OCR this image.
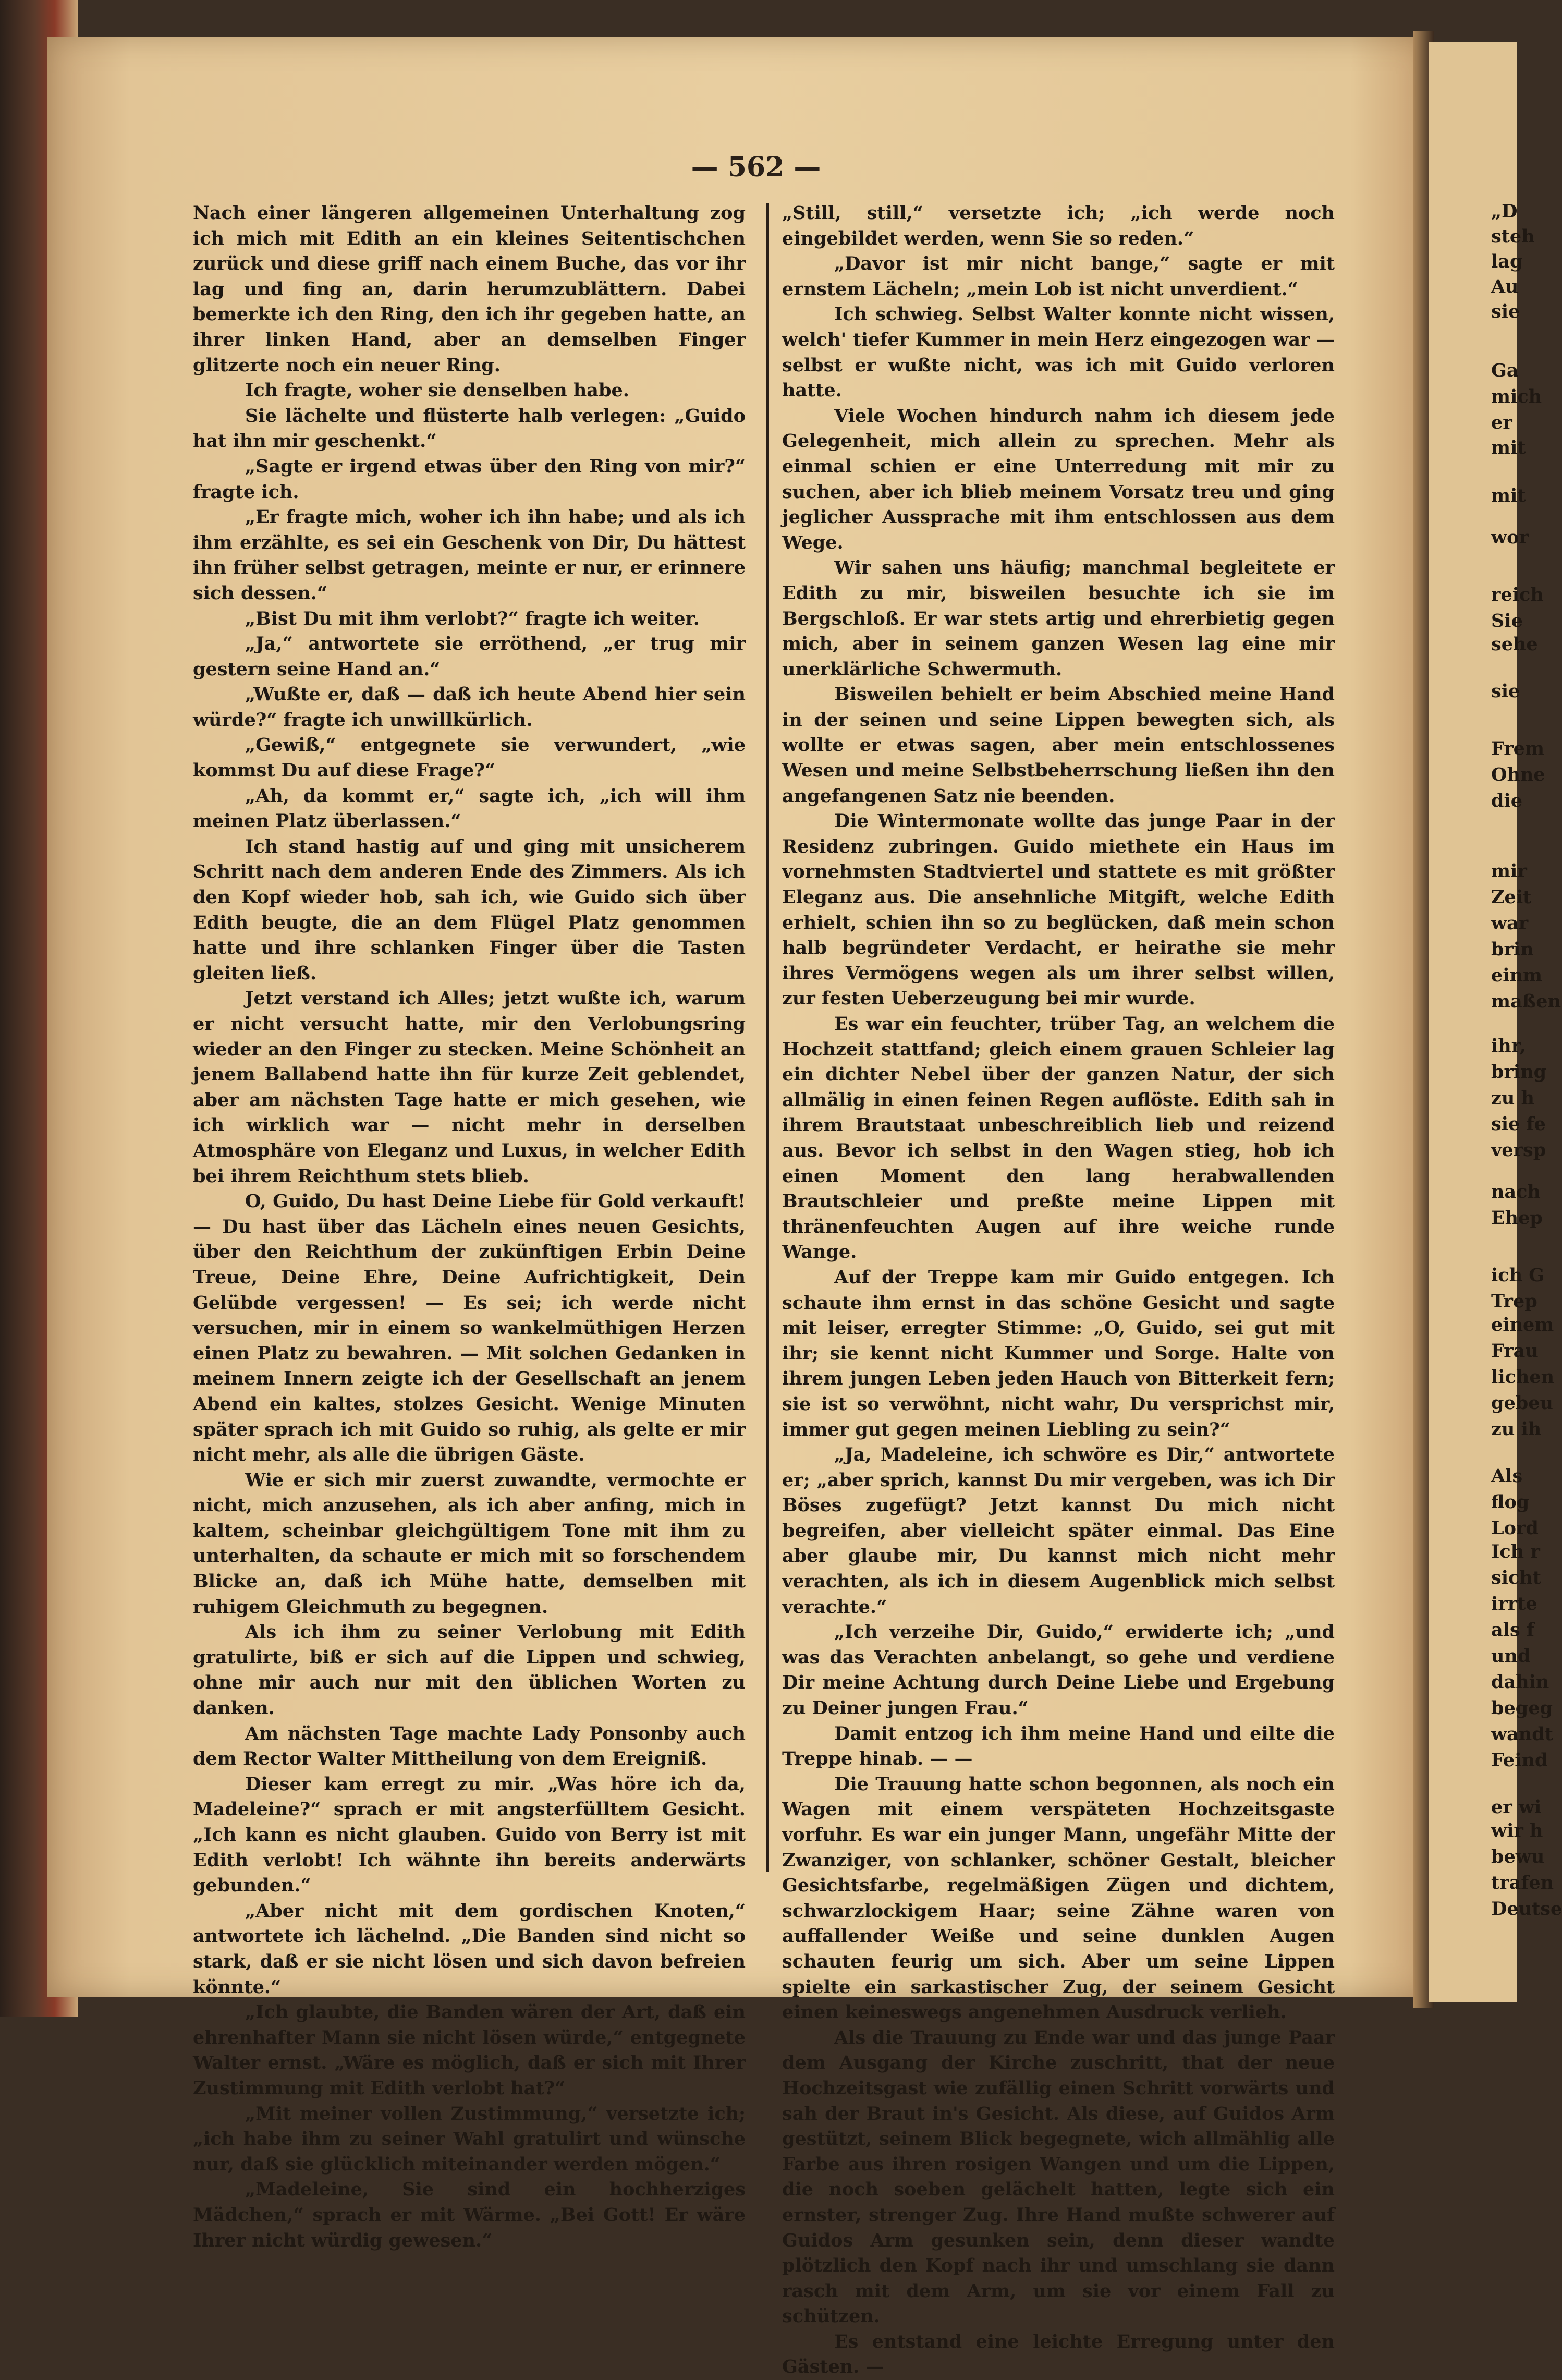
— 562 —

Nach einer längeren allgemeinen Unterhaltung zog ich mich mit Edith an ein kleines Seitentischchen zurück und diese griff nach einem Buche, das vor ihr lag und fing an, darin herumzublättern. Dabei bemerkte ich den Ring, den ich ihr gegeben hatte, an ihrer linken Hand, aber an demselben Finger glitzerte noch ein neuer Ring.

Ich fragte, woher sie denselben habe.

Sie lächelte und flüsterte halb verlegen: „Guido hat ihn mir geschenkt.“

„Sagte er irgend etwas über den Ring von mir?“ fragte ich.

„Er fragte mich, woher ich ihn habe; und als ich ihm erzählte, es sei ein Geschenk von Dir, Du hättest ihn früher selbst getragen, meinte er nur, er erinnere sich dessen.“

„Bist Du mit ihm verlobt?“ fragte ich weiter.

„Ja,“ antwortete sie erröthend, „er trug mir gestern seine Hand an.“

„Wußte er, daß — daß ich heute Abend hier sein würde?“ fragte ich unwillkürlich.

„Gewiß,“ entgegnete sie verwundert, „wie kommst Du auf diese Frage?“

„Ah, da kommt er,“ sagte ich, „ich will ihm meinen Platz überlassen.“

Ich stand hastig auf und ging mit unsicherem Schritt nach dem anderen Ende des Zimmers. Als ich den Kopf wieder hob, sah ich, wie Guido sich über Edith beugte, die an dem Flügel Platz genommen hatte und ihre schlanken Finger über die Tasten gleiten ließ.

Jetzt verstand ich Alles; jetzt wußte ich, warum er nicht versucht hatte, mir den Verlobungsring wieder an den Finger zu stecken. Meine Schönheit an jenem Ballabend hatte ihn für kurze Zeit geblendet, aber am nächsten Tage hatte er mich gesehen, wie ich wirklich war — nicht mehr in derselben Atmosphäre von Eleganz und Luxus, in welcher Edith bei ihrem Reichthum stets blieb.

O, Guido, Du hast Deine Liebe für Gold verkauft! — Du hast über das Lächeln eines neuen Gesichts, über den Reichthum der zukünftigen Erbin Deine Treue, Deine Ehre, Deine Aufrichtigkeit, Dein Gelübde vergessen! — Es sei; ich werde nicht versuchen, mir in einem so wankelmüthigen Herzen einen Platz zu bewahren. — Mit solchen Gedanken in meinem Innern zeigte ich der Gesellschaft an jenem Abend ein kaltes, stolzes Gesicht. Wenige Minuten später sprach ich mit Guido so ruhig, als gelte er mir nicht mehr, als alle die übrigen Gäste.

Wie er sich mir zuerst zuwandte, vermochte er nicht, mich anzusehen, als ich aber anfing, mich in kaltem, scheinbar gleichgültigem Tone mit ihm zu unterhalten, da schaute er mich mit so forschendem Blicke an, daß ich Mühe hatte, demselben mit ruhigem Gleichmuth zu begegnen.

Als ich ihm zu seiner Verlobung mit Edith gratulirte, biß er sich auf die Lippen und schwieg, ohne mir auch nur mit den üblichen Worten zu danken.

Am nächsten Tage machte Lady Ponsonby auch dem Rector Walter Mittheilung von dem Ereigniß.

Dieser kam erregt zu mir. „Was höre ich da, Madeleine?“ sprach er mit angsterfülltem Gesicht. „Ich kann es nicht glauben. Guido von Berry ist mit Edith verlobt! Ich wähnte ihn bereits anderwärts gebunden.“

„Aber nicht mit dem gordischen Knoten,“ antwortete ich lächelnd. „Die Banden sind nicht so stark, daß er sie nicht lösen und sich davon befreien könnte.“

„Ich glaubte, die Banden wären der Art, daß ein ehrenhafter Mann sie nicht lösen würde,“ entgegnete Walter ernst. „Wäre es möglich, daß er sich mit Ihrer Zustimmung mit Edith verlobt hat?“

„Mit meiner vollen Zustimmung,“ versetzte ich; „ich habe ihm zu seiner Wahl gratulirt und wünsche nur, daß sie glücklich miteinander werden mögen.“

„Madeleine, Sie sind ein hochherziges Mädchen,“ sprach er mit Wärme. „Bei Gott! Er wäre Ihrer nicht würdig gewesen.“

„Still, still,“ versetzte ich; „ich werde noch eingebildet werden, wenn Sie so reden.“

„Davor ist mir nicht bange,“ sagte er mit ernstem Lächeln; „mein Lob ist nicht unverdient.“

Ich schwieg. Selbst Walter konnte nicht wissen, welch' tiefer Kummer in mein Herz eingezogen war — selbst er wußte nicht, was ich mit Guido verloren hatte.

Viele Wochen hindurch nahm ich diesem jede Gelegenheit, mich allein zu sprechen. Mehr als einmal schien er eine Unterredung mit mir zu suchen, aber ich blieb meinem Vorsatz treu und ging jeglicher Aussprache mit ihm entschlossen aus dem Wege.

Wir sahen uns häufig; manchmal begleitete er Edith zu mir, bisweilen besuchte ich sie im Bergschloß. Er war stets artig und ehrerbietig gegen mich, aber in seinem ganzen Wesen lag eine mir unerklärliche Schwermuth.

Bisweilen behielt er beim Abschied meine Hand in der seinen und seine Lippen bewegten sich, als wollte er etwas sagen, aber mein entschlossenes Wesen und meine Selbstbeherrschung ließen ihn den angefangenen Satz nie beenden.

Die Wintermonate wollte das junge Paar in der Residenz zubringen. Guido miethete ein Haus im vornehmsten Stadtviertel und stattete es mit größter Eleganz aus. Die ansehnliche Mitgift, welche Edith erhielt, schien ihn so zu beglücken, daß mein schon halb begründeter Verdacht, er heirathe sie mehr ihres Vermögens wegen als um ihrer selbst willen, zur festen Ueberzeugung bei mir wurde.

Es war ein feuchter, trüber Tag, an welchem die Hochzeit stattfand; gleich einem grauen Schleier lag ein dichter Nebel über der ganzen Natur, der sich allmälig in einen feinen Regen auflöste. Edith sah in ihrem Brautstaat unbeschreiblich lieb und reizend aus. Bevor ich selbst in den Wagen stieg, hob ich einen Moment den lang herabwallenden Brautschleier und preßte meine Lippen mit thränenfeuchten Augen auf ihre weiche runde Wange.

Auf der Treppe kam mir Guido entgegen. Ich schaute ihm ernst in das schöne Gesicht und sagte mit leiser, erregter Stimme: „O, Guido, sei gut mit ihr; sie kennt nicht Kummer und Sorge. Halte von ihrem jungen Leben jeden Hauch von Bitterkeit fern; sie ist so verwöhnt, nicht wahr, Du versprichst mir, immer gut gegen meinen Liebling zu sein?“

„Ja, Madeleine, ich schwöre es Dir,“ antwortete er; „aber sprich, kannst Du mir vergeben, was ich Dir Böses zugefügt? Jetzt kannst Du mich nicht begreifen, aber vielleicht später einmal. Das Eine aber glaube mir, Du kannst mich nicht mehr verachten, als ich in diesem Augenblick mich selbst verachte.“

„Ich verzeihe Dir, Guido,“ erwiderte ich; „und was das Verachten anbelangt, so gehe und verdiene Dir meine Achtung durch Deine Liebe und Ergebung zu Deiner jungen Frau.“

Damit entzog ich ihm meine Hand und eilte die Treppe hinab. — —

Die Trauung hatte schon begonnen, als noch ein Wagen mit einem verspäteten Hochzeitsgaste vorfuhr. Es war ein junger Mann, ungefähr Mitte der Zwanziger, von schlanker, schöner Gestalt, bleicher Gesichtsfarbe, regelmäßigen Zügen und dichtem, schwarzlockigem Haar; seine Zähne waren von auffallender Weiße und seine dunklen Augen schauten feurig um sich. Aber um seine Lippen spielte ein sarkastischer Zug, der seinem Gesicht einen keineswegs angenehmen Ausdruck verlieh.

Als die Trauung zu Ende war und das junge Paar dem Ausgang der Kirche zuschritt, that der neue Hochzeitsgast wie zufällig einen Schritt vorwärts und sah der Braut in's Gesicht. Als diese, auf Guidos Arm gestützt, seinem Blick begegnete, wich allmählig alle Farbe aus ihren rosigen Wangen und um die Lippen, die noch soeben gelächelt hatten, legte sich ein ernster, strenger Zug. Ihre Hand mußte schwerer auf Guidos Arm gesunken sein, denn dieser wandte plötzlich den Kopf nach ihr und umschlang sie dann rasch mit dem Arm, um sie vor einem Fall zu schützen.

Es entstand eine leichte Erregung unter den Gästen. —

„D
steh
lag
Au
sie
Ga
mich
er
mit
mit
wor
reich
Sie
sehe
sie
Frem
Ohne
die
mir
Zeit
war
brin
einm
maßen
ihr,
bring
zu h
sie fe
versp
nach
Ehep
ich G
Trep
einem
Frau
lichen
gebeu
zu ih
Als
flog
Lord
Ich r
sicht
irrte
als f
und
dahin
begeg
wandt
Feind
er wi
wir h
bewu
trafen
Deutse
